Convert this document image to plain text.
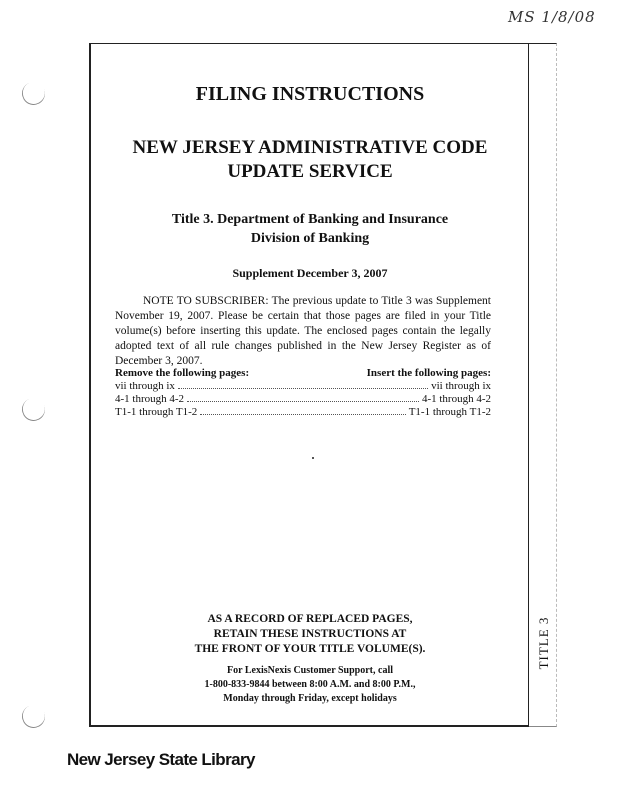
MS 1/8/08
TITLE 3
FILING INSTRUCTIONS
NEW JERSEY ADMINISTRATIVE CODE
UPDATE SERVICE
Title 3. Department of Banking and Insurance
Division of Banking
Supplement December 3, 2007

NOTE TO SUBSCRIBER: The previous update to Title 3 was Supplement November 19, 2007. Please be certain that those pages are filed in your Title volume(s) before inserting this update. The enclosed pages contain the legally adopted text of all rule changes published in the New Jersey Register as of December 3, 2007.

Remove the following pages:	Insert the following pages:
vii through ix	vii through ix
4-1 through 4-2	4-1 through 4-2
T1-1 through T1-2	T1-1 through T1-2
AS A RECORD OF REPLACED PAGES,
RETAIN THESE INSTRUCTIONS AT
THE FRONT OF YOUR TITLE VOLUME(S).
For LexisNexis Customer Support, call
1-800-833-9844 between 8:00 A.M. and 8:00 P.M.,
Monday through Friday, except holidays
New Jersey State Library
